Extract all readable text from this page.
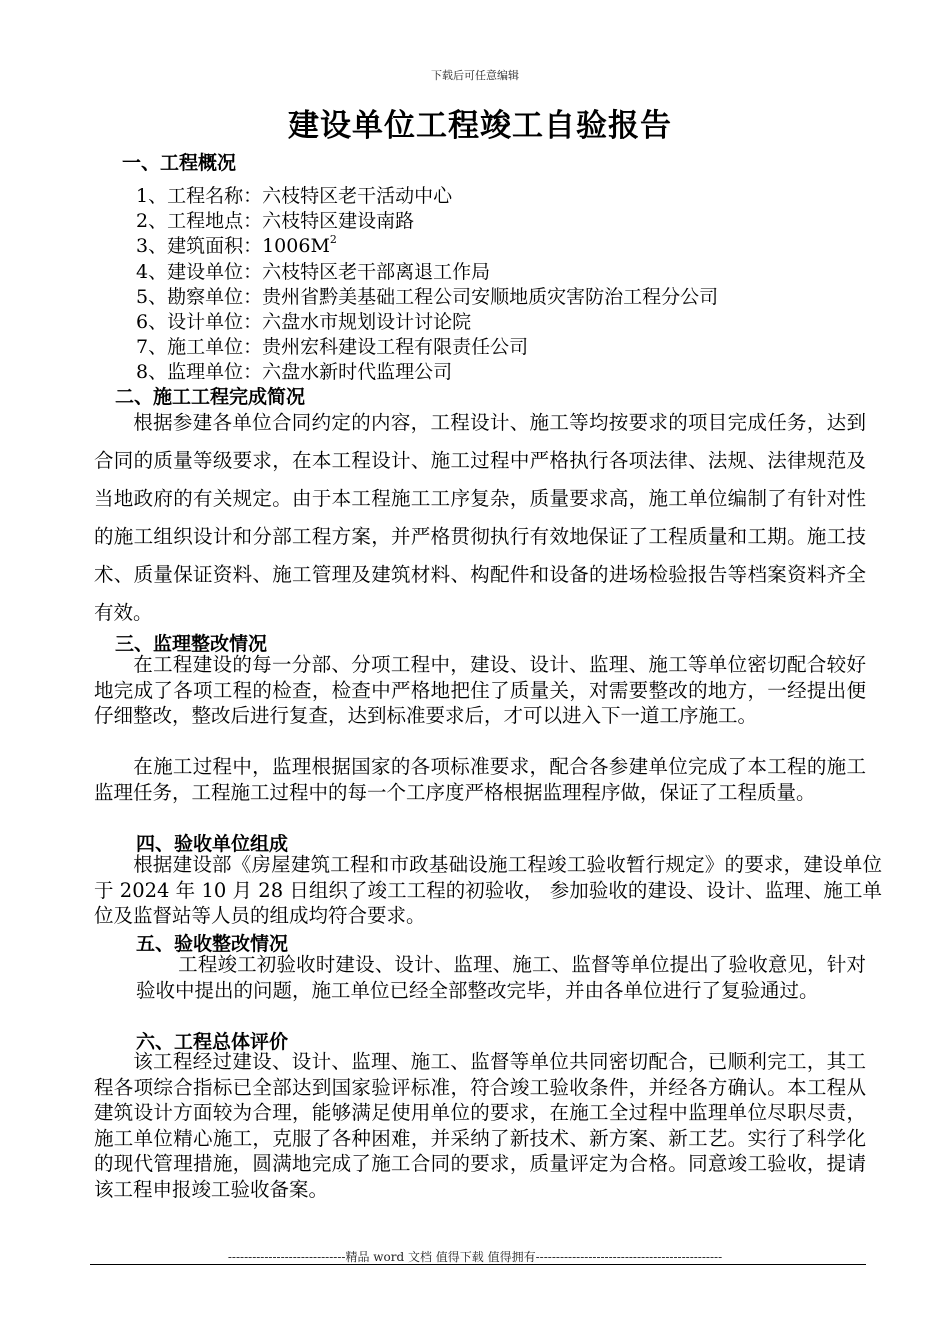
下载后可任意编辑
建设单位工程竣工自验报告
一、工程概况
1、工程名称：六枝特区老干活动中心
2、工程地点：六枝特区建设南路
3、建筑面积：$1006M^2$
4、建设单位：六枝特区老干部离退工作局
5、勘察单位：贵州省黔美基础工程公司安顺地质灾害防治工程分公司
6、设计单位：六盘水市规划设计讨论院
7、施工单位：贵州宏科建设工程有限责任公司
8、监理单位：六盘水新时代监理公司
二、施工工程完成简况
根据参建各单位合同约定的内容，工程设计、施工等均按要求的项目完成任务，达到合同的质量等级要求，在本工程设计、施工过程中严格执行各项法律、法规、法律规范及当地政府的有关规定。由于本工程施工工序复杂，质量要求高，施工单位编制了有针对性的施工组织设计和分部工程方案，并严格贯彻执行有效地保证了工程质量和工期。施工技术、质量保证资料、施工管理及建筑材料、构配件和设备的进场检验报告等档案资料齐全有效。
三、监理整改情况
在工程建设的每一分部、分项工程中，建设、设计、监理、施工等单位密切配合较好地完成了各项工程的检查，检查中严格地把住了质量关，对需要整改的地方，一经提出便仔细整改，整改后进行复查，达到标准要求后，才可以进入下一道工序施工。
在施工过程中，监理根据国家的各项标准要求，配合各参建单位完成了本工程的施工监理任务，工程施工过程中的每一个工序度严格根据监理程序做，保证了工程质量。
四、验收单位组成
根据建设部《房屋建筑工程和市政基础设施工程竣工验收暂行规定》的要求，建设单位于 2024 年 10 月 28 日组织了竣工工程的初验收， 参加验收的建设、设计、监理、施工单位及监督站等人员的组成均符合要求。
五、验收整改情况
工程竣工初验收时建设、设计、监理、施工、监督等单位提出了验收意见，针对验收中提出的问题，施工单位已经全部整改完毕，并由各单位进行了复验通过。
六、工程总体评价
该工程经过建设、设计、监理、施工、监督等单位共同密切配合，已顺利完工，其工程各项综合指标已全部达到国家验评标准，符合竣工验收条件，并经各方确认。本工程从建筑设计方面较为合理，能够满足使用单位的要求，在施工全过程中监理单位尽职尽责，施工单位精心施工，克服了各种困难，并采纳了新技术、新方案、新工艺。实行了科学化的现代管理措施，圆满地完成了施工合同的要求，质量评定为合格。同意竣工验收，提请该工程申报竣工验收备案。
-----------------------------精品 word 文档 值得下载 值得拥有----------------------------------------------
